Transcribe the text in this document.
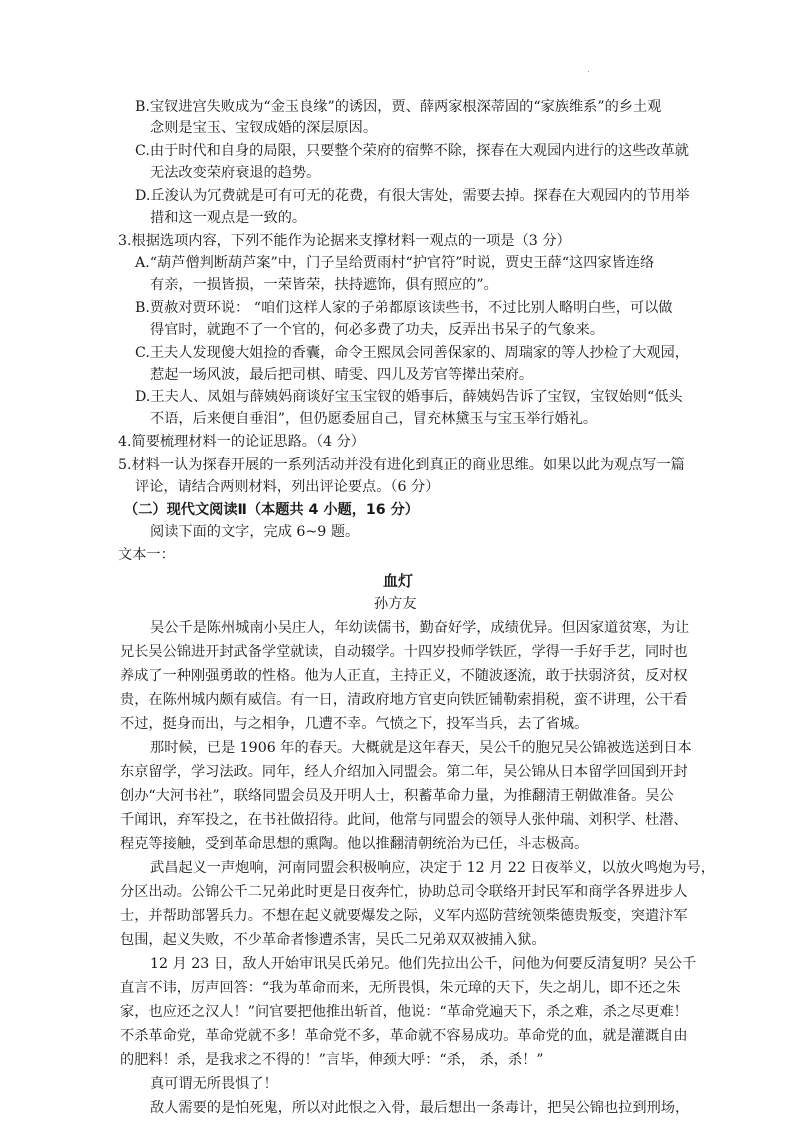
·
B.宝钗进宫失败成为“金玉良缘”的诱因，贾、薛两家根深蒂固的“家族维系”的乡土观
念则是宝玉、宝钗成婚的深层原因。
C.由于时代和自身的局限，只要整个荣府的宿弊不除，探春在大观园内进行的这些改革就
无法改变荣府衰退的趋势。
D.丘浚认为冗费就是可有可无的花费，有很大害处，需要去掉。探春在大观园内的节用举
措和这一观点是一致的。
3.根据选项内容，下列不能作为论据来支撑材料一观点的一项是（3 分）
A.“葫芦僧判断葫芦案”中，门子呈给贾雨村“护官符”时说，贾史王薛“这四家皆连络
有亲，一损皆损，一荣皆荣，扶持遮饰，俱有照应的”。
B.贾赦对贾环说： “咱们这样人家的子弟都原该读些书，不过比别人略明白些，可以做
得官时，就跑不了一个官的，何必多费了功夫，反弄出书呆子的气象来。
C.王夫人发现傻大姐捡的香囊，命令王熙凤会同善保家的、周瑞家的等人抄检了大观园，
惹起一场风波，最后把司棋、晴雯、四儿及芳官等撵出荣府。
D.王夫人、凤姐与薛姨妈商谈好宝玉宝钗的婚事后，薛姨妈告诉了宝钗，宝钗始则“低头
不语，后来便自垂泪”，但仍愿委屈自己，冒充林黛玉与宝玉举行婚礼。
4.简要梳理材料一的论证思路。（4 分）
5.材料一认为探春开展的一系列活动并没有进化到真正的商业思维。如果以此为观点写一篇
评论，请结合两则材料，列出评论要点。（6 分）
（二）现代文阅读Ⅱ（本题共 4 小题，16 分）
阅读下面的文字，完成 6~9 题。
文本一：
血灯
孙方友
吴公千是陈州城南小吴庄人，年幼读儒书，勤奋好学，成绩优异。但因家道贫寒，为让
兄长吴公锦进开封武备学堂就读，自动辍学。十四岁投师学铁匠，学得一手好手艺，同时也
养成了一种刚强勇敢的性格。他为人正直，主持正义，不随波逐流，敢于扶弱济贫，反对权
贵，在陈州城内颇有威信。有一日，清政府地方官吏向铁匠铺勒索捐税，蛮不讲理，公干看
不过，挺身而出，与之相争，几遭不幸。气愤之下，投军当兵，去了省城。
那时候，已是 1906 年的春天。大概就是这年春天，吴公千的胞兄吴公锦被选送到日本
东京留学，学习法政。同年，经人介绍加入同盟会。第二年，吴公锦从日本留学回国到开封
创办“大河书社”，联络同盟会员及开明人士，积蓄革命力量，为推翻清王朝做准备。吴公
千闻讯，弃军投之，在书社做招待。此间，他常与同盟会的领导人张仲瑞、刘积学、杜潜、
程克等接触，受到革命思想的熏陶。他以推翻清朝统治为已任，斗志极高。
武昌起义一声炮响，河南同盟会积极响应，决定于 12 月 22 日夜举义，以放火鸣炮为号，
分区出动。公锦公千二兄弟此时更是日夜奔忙，协助总司令联络开封民军和商学各界进步人
士，并帮助部署兵力。不想在起义就要爆发之际，义军内巡防营统领柴德贵叛变，突遣汴军
包围，起义失败，不少革命者惨遭杀害，吴氏二兄弟双双被捕入狱。
12 月 23 日，敌人开始审讯吴氏弟兄。他们先拉出公千，问他为何要反清复明？吴公千
直言不讳，厉声回答：“我为革命而来，无所畏惧，朱元璋的天下，失之胡儿，即不还之朱
家，也应还之汉人！”问官要把他推出斩首，他说：“革命党遍天下，杀之难，杀之尽更难！
不杀革命党，革命党就不多！革命党不多，革命就不容易成功。革命党的血，就是灌溉自由
的肥料！杀，是我求之不得的！”言毕，伸颈大呼：“杀， 杀，杀！”
真可谓无所畏惧了！
敌人需要的是怕死鬼，所以对此恨之入骨，最后想出一条毒计，把吴公锦也拉到刑场，
